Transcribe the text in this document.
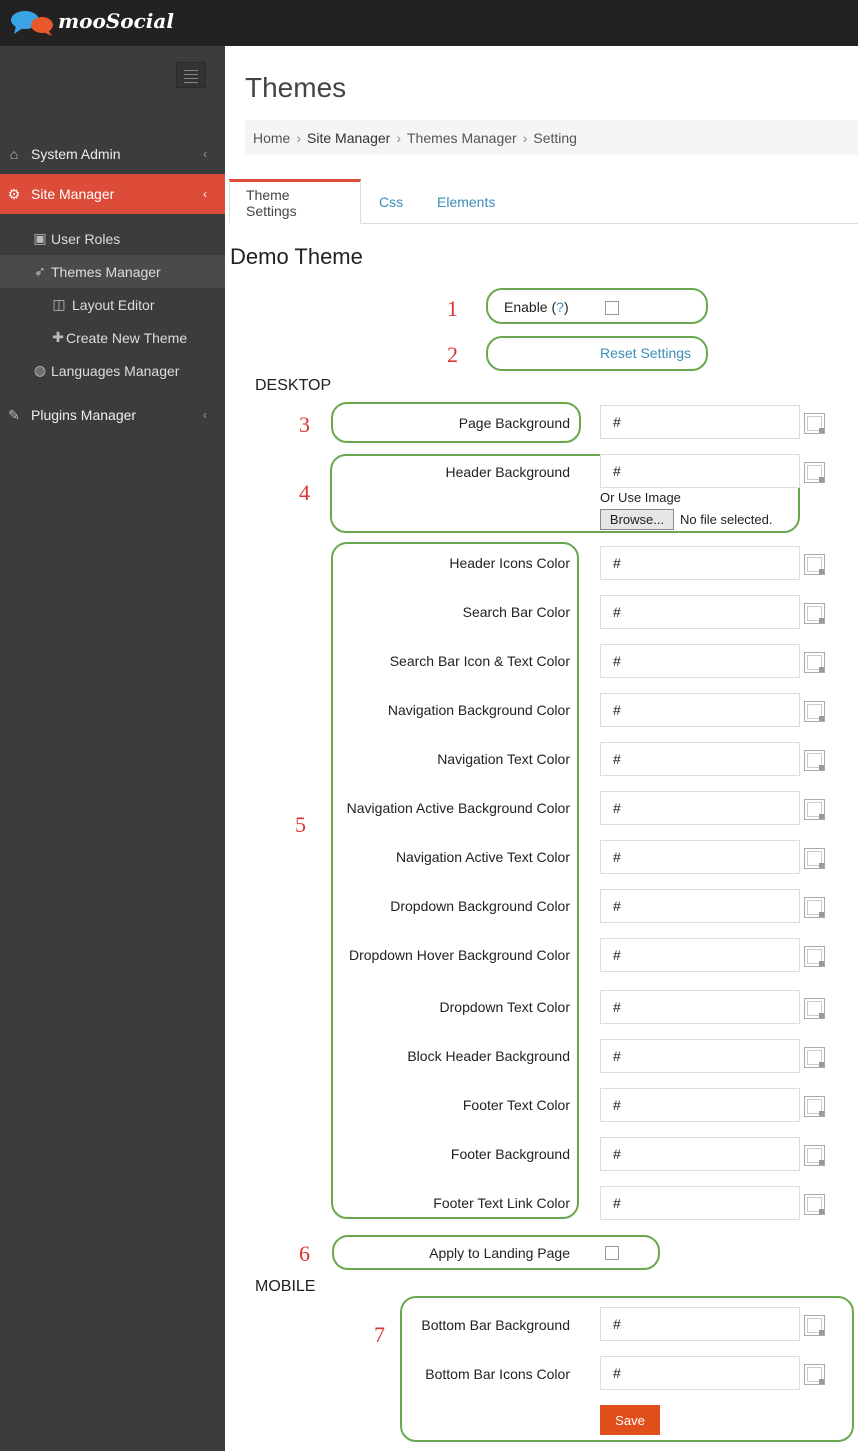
mooSocial
⌂ System Admin	‹
⚙ Site Manager	‹
▣ User Roles
➶ Themes Manager
◫ Layout Editor
✚ Create New Theme
◍ Languages Manager
✎ Plugins Manager	‹
Themes
Home › Site Manager › Themes Manager › Setting
Theme Settings
Css	Elements
Demo Theme
1	Enable (?)
2	Reset Settings
DESKTOP
3	Page Background	#
4
Header Background	#
Or Use Image
Browse...	No file selected.
5
Header Icons Color	#
Search Bar Color	#
Search Bar Icon & Text Color	#
Navigation Background Color	#
Navigation Text Color	#
Navigation Active Background Color	#
Navigation Active Text Color	#
Dropdown Background Color	#
Dropdown Hover Background Color	#
Dropdown Text Color	#
Block Header Background	#
Footer Text Color	#
Footer Background	#
Footer Text Link Color	#
6	Apply to Landing Page
MOBILE
7	Bottom Bar Background	#
Bottom Bar Icons Color	#
Save
